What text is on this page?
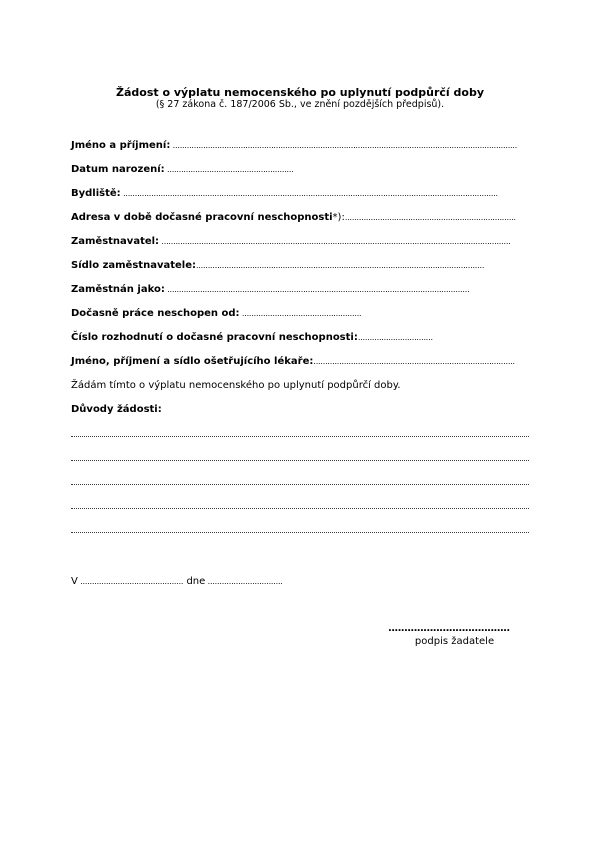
Žádost o výplatu nemocenského po uplynutí podpůrčí doby
(§ 27 zákona č. 187/2006 Sb., ve znění pozdějších předpisů).
Jméno a příjmení: ...................................................................................................................................................
Datum narození: ......................................................
Bydliště: ................................................................................................................................................................
Adresa v době dočasné pracovní neschopnosti*):.........................................................................
Zaměstnavatel: .....................................................................................................................................................
Sídlo zaměstnavatele:...........................................................................................................................
Zaměstnán jako: .................................................................................................................................
Dočasně práce neschopen od: ...................................................
Číslo rozhodnutí o dočasné pracovní neschopnosti:................................
Jméno, příjmení a sídlo ošetřujícího lékaře:......................................................................................
Žádám tímto o výplatu nemocenského po uplynutí podpůrčí doby.
Důvody žádosti:
V ............................................ dne ................................
......................................
podpis žadatele
